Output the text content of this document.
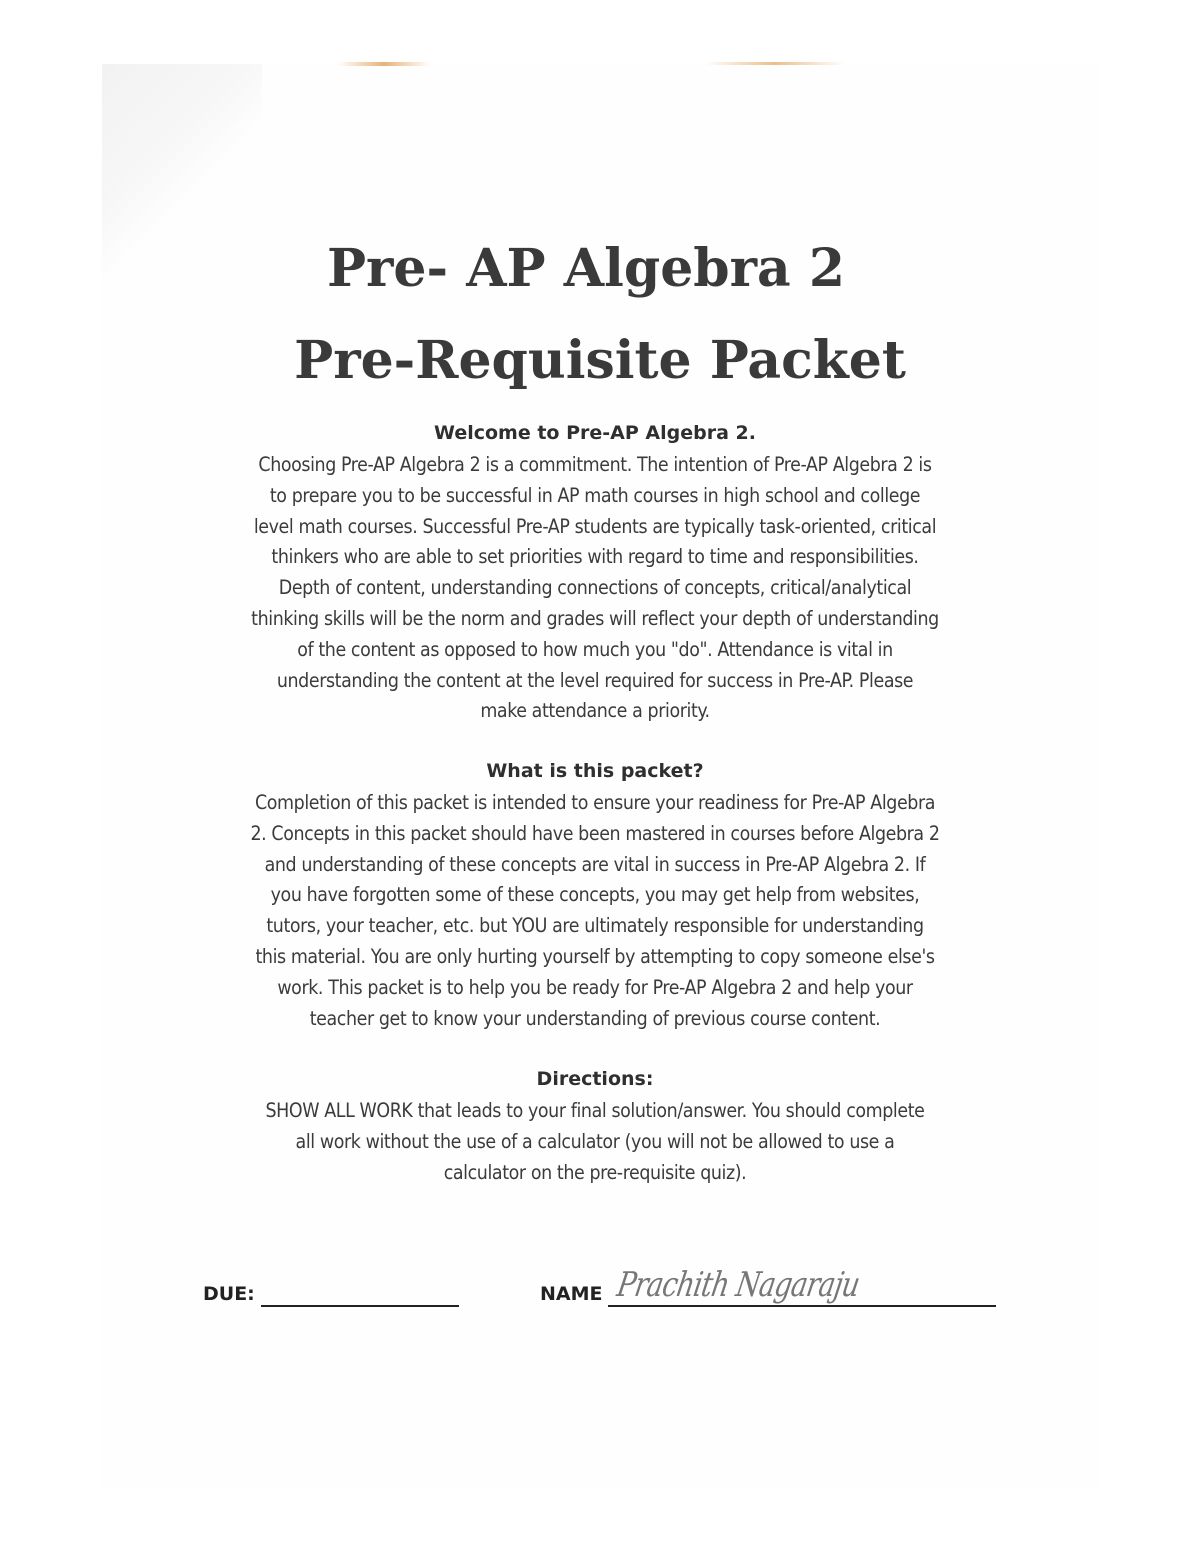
Pre- AP Algebra 2
Pre-Requisite Packet
Welcome to Pre-AP Algebra 2.

Choosing Pre-AP Algebra 2 is a commitment. The intention of Pre-AP Algebra 2 is
to prepare you to be successful in AP math courses in high school and college
level math courses. Successful Pre-AP students are typically task-oriented, critical
thinkers who are able to set priorities with regard to time and responsibilities.
Depth of content, understanding connections of concepts, critical/analytical
thinking skills will be the norm and grades will reflect your depth of understanding
of the content as opposed to how much you "do". Attendance is vital in
understanding the content at the level required for success in Pre-AP. Please
make attendance a priority.

What is this packet?

Completion of this packet is intended to ensure your readiness for Pre-AP Algebra
2. Concepts in this packet should have been mastered in courses before Algebra 2
and understanding of these concepts are vital in success in Pre-AP Algebra 2. If
you have forgotten some of these concepts, you may get help from websites,
tutors, your teacher, etc. but YOU are ultimately responsible for understanding
this material. You are only hurting yourself by attempting to copy someone else's
work. This packet is to help you be ready for Pre-AP Algebra 2 and help your
teacher get to know your understanding of previous course content.

Directions:

SHOW ALL WORK that leads to your final solution/answer. You should complete
all work without the use of a calculator (you will not be allowed to use a
calculator on the pre-requisite quiz).

DUE:	NAME Prachith Nagaraju
